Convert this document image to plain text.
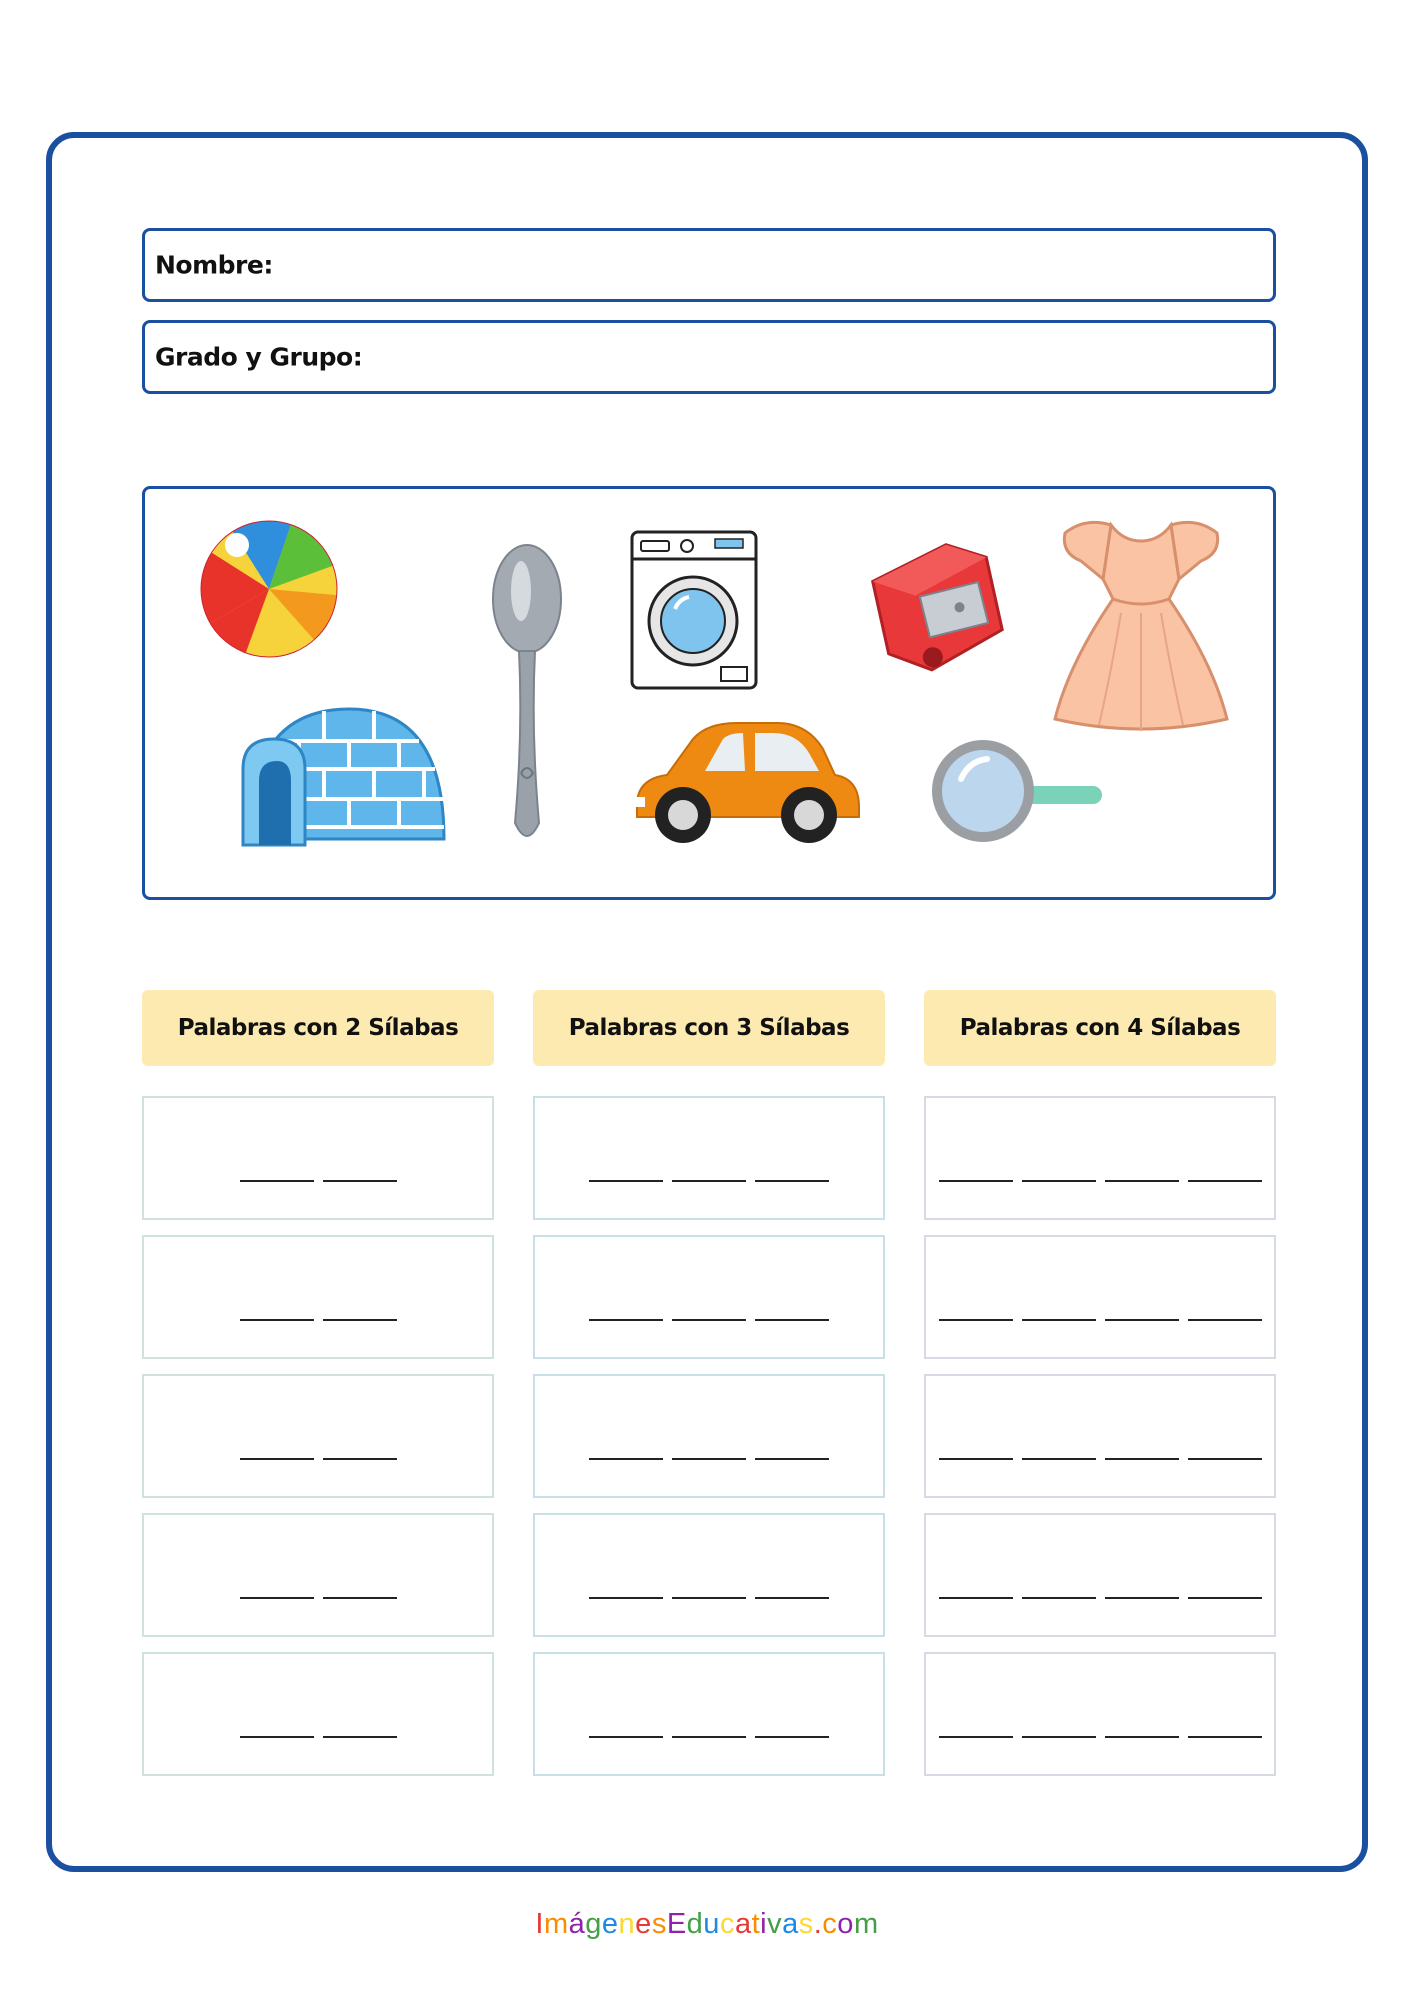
Nombre:
Grado y Grupo:
Palabras con 2 Sílabas	Palabras con 3 Sílabas	Palabras con 4 Sílabas
ImágenesEducativas.com
